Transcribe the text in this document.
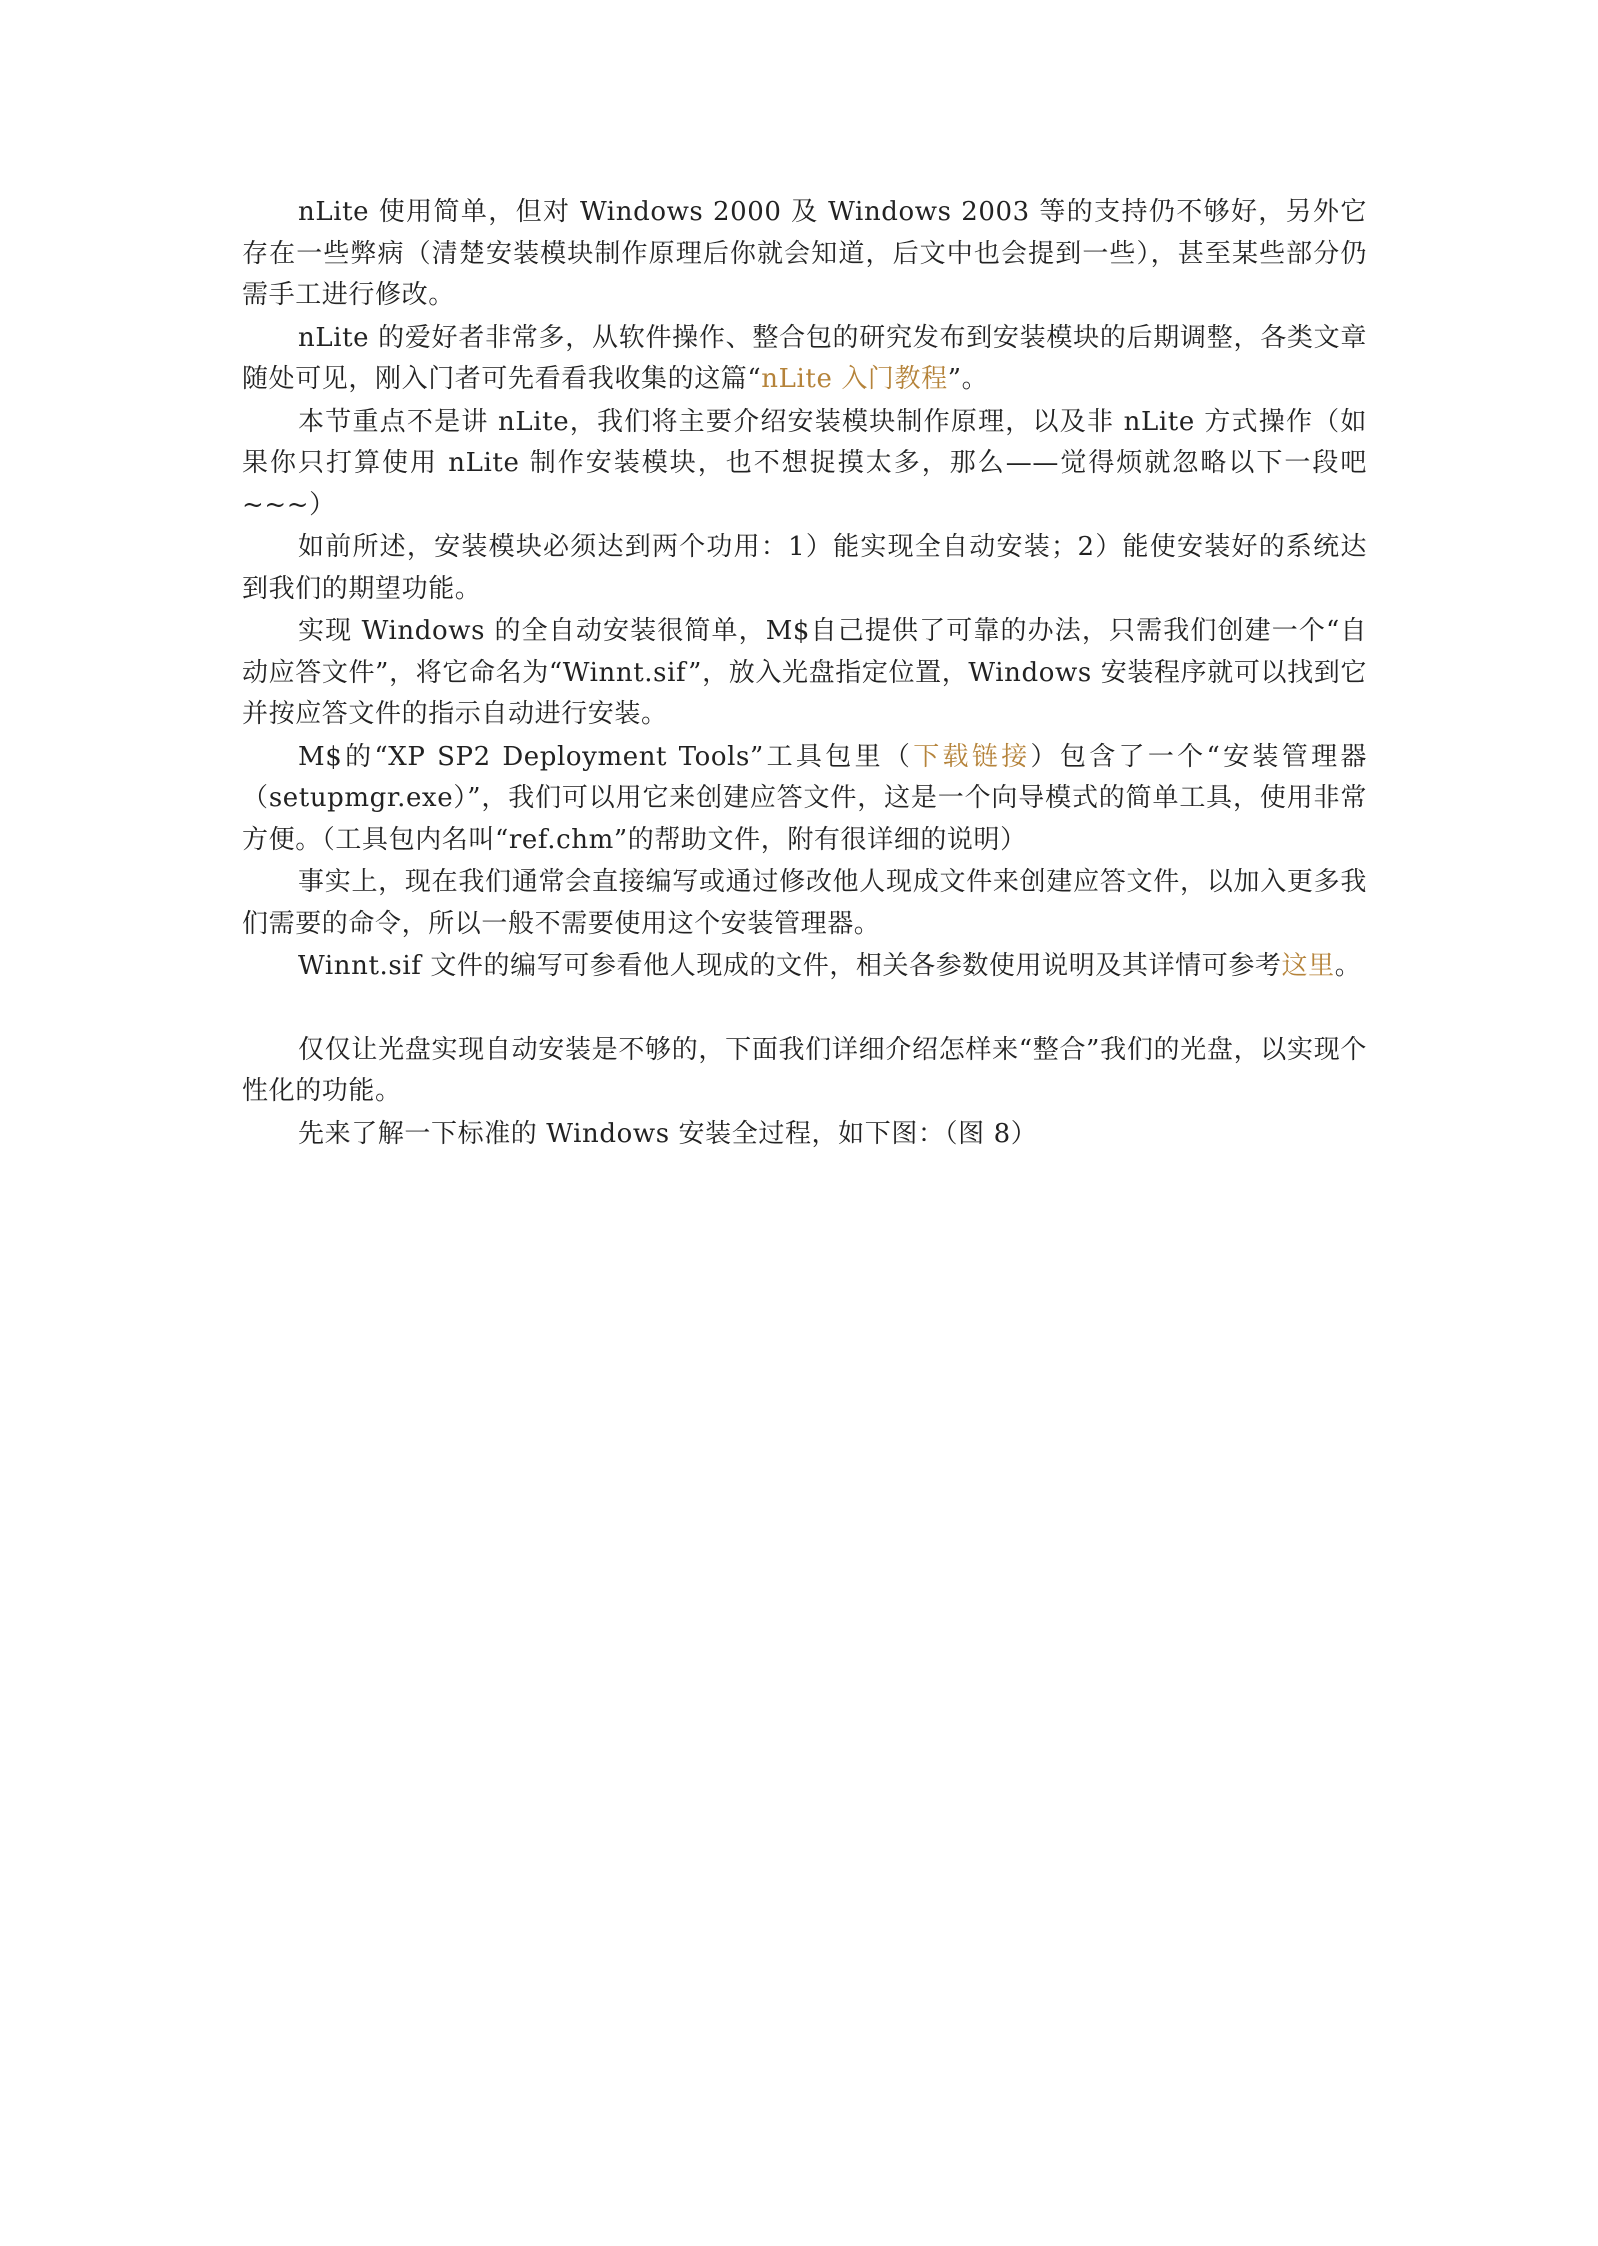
nLite 使用简单，但对 Windows 2000 及 Windows 2003 等的支持仍不够好，另外它存在一些弊病（清楚安装模块制作原理后你就会知道，后文中也会提到一些），甚至某些部分仍需手工进行修改。

nLite 的爱好者非常多，从软件操作、整合包的研究发布到安装模块的后期调整，各类文章随处可见，刚入门者可先看看我收集的这篇“nLite 入门教程”。

本节重点不是讲 nLite，我们将主要介绍安装模块制作原理，以及非 nLite 方式操作（如果你只打算使用 nLite 制作安装模块，也不想捉摸太多，那么——觉得烦就忽略以下一段吧~~~）

如前所述，安装模块必须达到两个功用：1）能实现全自动安装；2）能使安装好的系统达到我们的期望功能。

实现 Windows 的全自动安装很简单，M$自己提供了可靠的办法，只需我们创建一个“自动应答文件”，将它命名为“Winnt.sif”，放入光盘指定位置，Windows 安装程序就可以找到它并按应答文件的指示自动进行安装。

M$的“XP SP2 Deployment Tools”工具包里（下载链接）包含了一个“安装管理器（setupmgr.exe）”，我们可以用它来创建应答文件，这是一个向导模式的简单工具，使用非常方便。（工具包内名叫“ref.chm”的帮助文件，附有很详细的说明）

事实上，现在我们通常会直接编写或通过修改他人现成文件来创建应答文件，以加入更多我们需要的命令，所以一般不需要使用这个安装管理器。

Winnt.sif 文件的编写可参看他人现成的文件，相关各参数使用说明及其详情可参考这里。

仅仅让光盘实现自动安装是不够的，下面我们详细介绍怎样来“整合”我们的光盘，以实现个性化的功能。

先来了解一下标准的 Windows 安装全过程，如下图：（图 8）
